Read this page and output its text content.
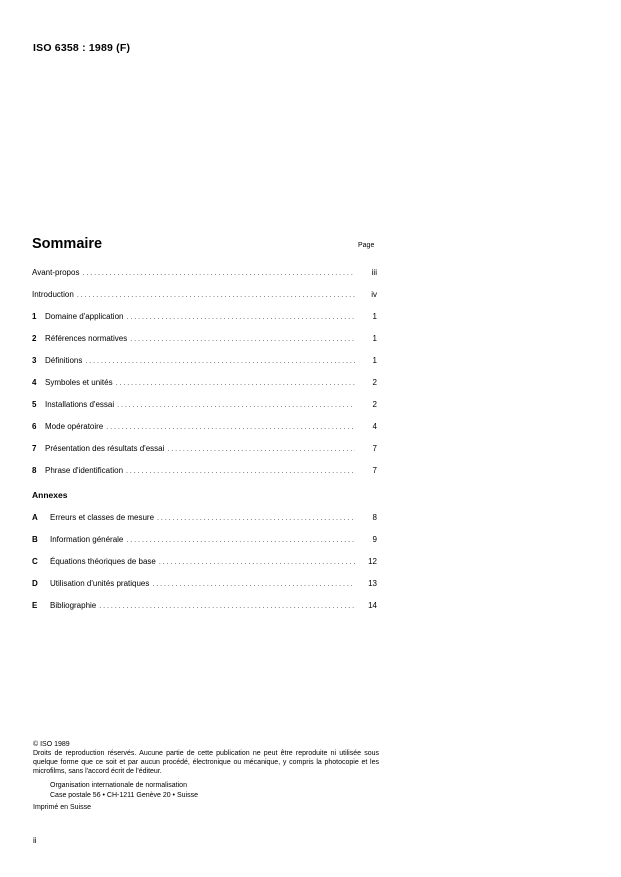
ISO 6358 : 1989 (F)
Sommaire	Page
Avant-propos . . .	iii
Introduction . . .	iv
1	Domaine d'application . . .	1
2	Références normatives . . .	1
3	Définitions . . .	1
4	Symboles et unités . . .	2
5	Installations d'essai . . .	2
6	Mode opératoire . . .	4
7	Présentation des résultats d'essai . . .	7
8	Phrase d'identification . . .	7
Annexes
A	Erreurs et classes de mesure . . .	8
B	Information générale . . .	9
C	Équations théoriques de base . . .	12
D	Utilisation d'unités pratiques . . .	13
E	Bibliographie . . .	14
© ISO 1989
Droits de reproduction réservés. Aucune partie de cette publication ne peut être reproduite ni utilisée sous quelque forme que ce soit et par aucun procédé, électronique ou mécanique, y compris la photocopie et les microfilms, sans l'accord écrit de l'éditeur.
Organisation internationale de normalisation
Case postale 56 • CH-1211 Genève 20 • Suisse
Imprimé en Suisse
ii
